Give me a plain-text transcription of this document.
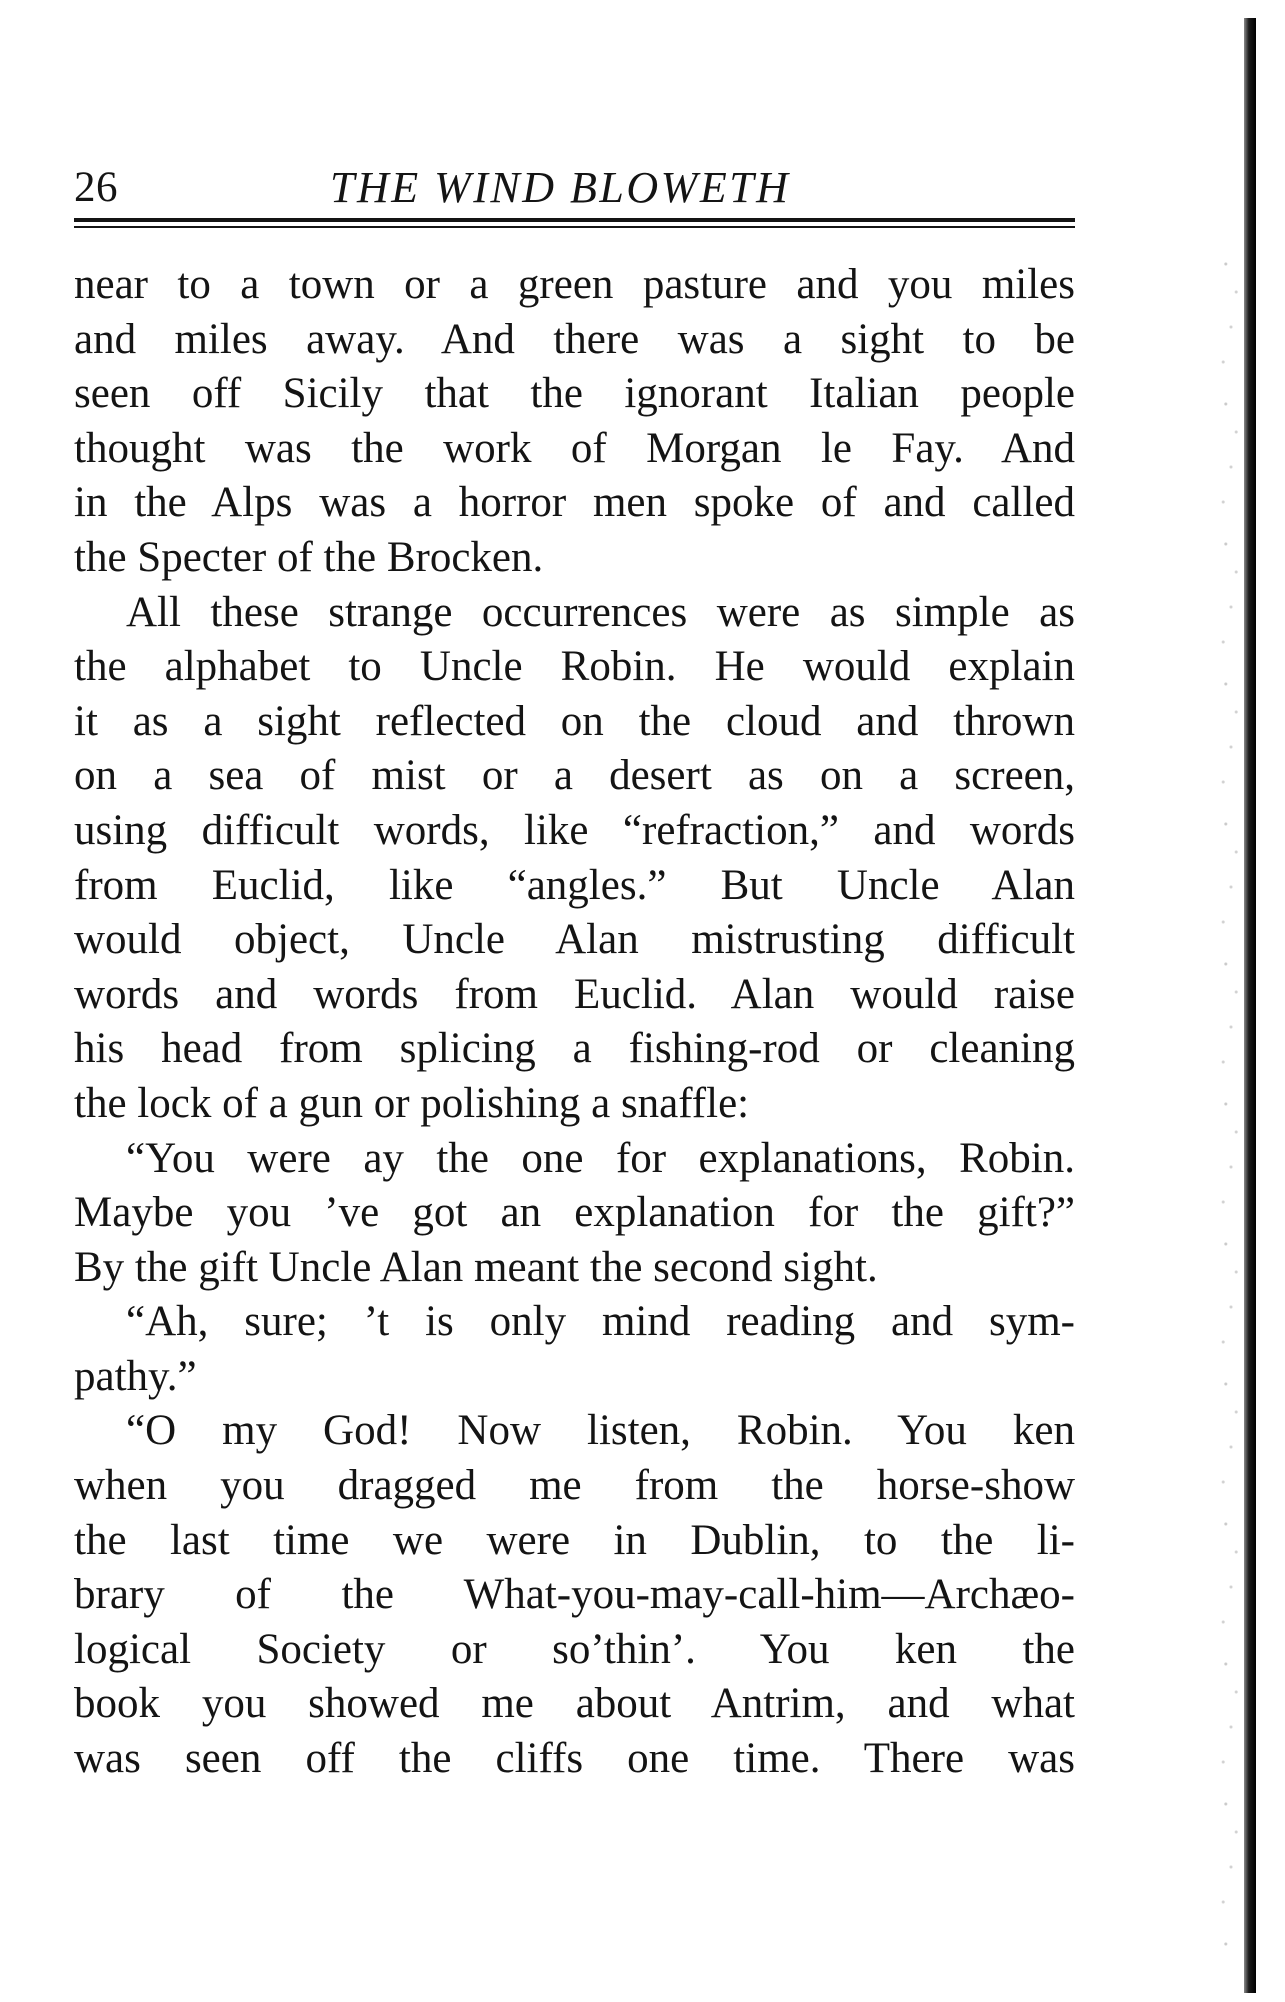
26	THE WIND BLOWETH
near to a town or a green pasture and you miles
and miles away. And there was a sight to be
seen off Sicily that the ignorant Italian people
thought was the work of Morgan le Fay. And
in the Alps was a horror men spoke of and called
the Specter of the Brocken.
All these strange occurrences were as simple as
the alphabet to Uncle Robin. He would explain
it as a sight reflected on the cloud and thrown
on a sea of mist or a desert as on a screen,
using difficult words, like “refraction,” and words
from Euclid, like “angles.” But Uncle Alan
would object, Uncle Alan mistrusting difficult
words and words from Euclid. Alan would raise
his head from splicing a fishing-rod or cleaning
the lock of a gun or polishing a snaffle:
“You were ay the one for explanations, Robin.
Maybe you ’ve got an explanation for the gift?”
By the gift Uncle Alan meant the second sight.
“Ah, sure; ’t is only mind reading and sym-
pathy.”
“O my God! Now listen, Robin. You ken
when you dragged me from the horse-show
the last time we were in Dublin, to the li-
brary of the What-you-may-call-him—Archæo-
logical Society or so’thin’. You ken the
book you showed me about Antrim, and what
was seen off the cliffs one time. There was
